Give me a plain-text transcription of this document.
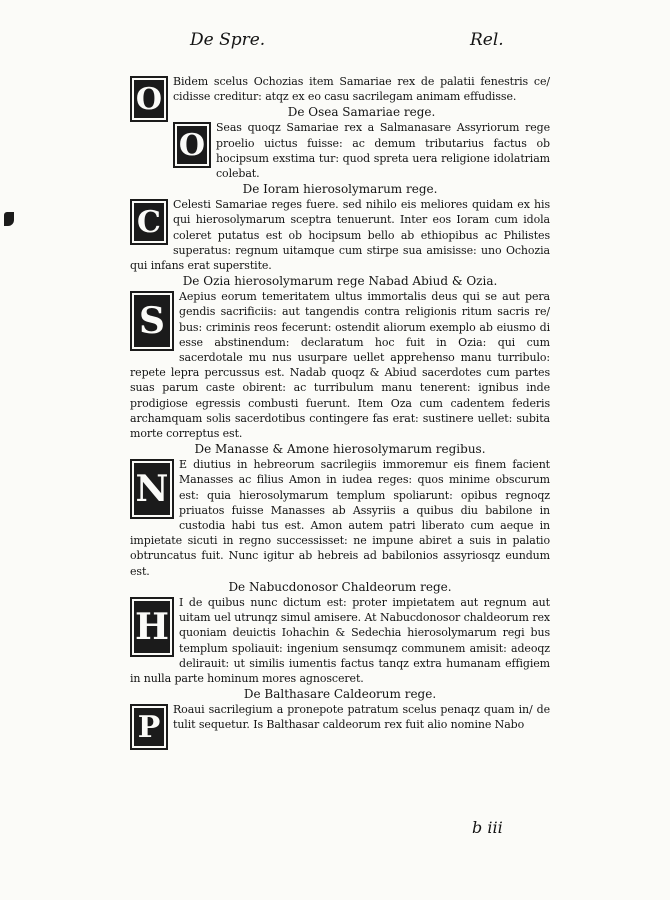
De Spre.	Rel.
O Bidem scelus Ochozias item Samariae rex de palatii fenestris ce/ cidisse creditur: atqz ex eo casu sacrilegam animam effudisse.

De Osea Samariae rege.
O Seas quoqz Samariae rex a Salmanasare Assyriorum rege proelio uictus fuisse: ac demum tributarius factus ob hocipsum exstima tur: quod spreta uera religione idolatriam colebat.

De Ioram hierosolymarum rege.
C	Celesti Samariae reges fuere. sed nihilo eis meliores quidam ex his qui hierosolymarum sceptra tenuerunt. Inter eos Ioram cum idola coleret putatus est ob hocipsum bello ab ethiopibus ac Philistes superatus: regnum uitamque cum stirpe sua amisisse: uno Ochozia qui infans erat superstite.

De Ozia hierosolymarum rege Nabad Abiud & Ozia.
S

Aepius eorum temeritatem ultus immortalis deus qui se aut pera gendis sacrificiis: aut tangendis contra religionis ritum sacris re/ bus: criminis reos fecerunt: ostendit aliorum exemplo ab eiusmo di esse abstinendum: declaratum hoc fuit in Ozia: qui cum sacerdotale mu nus usurpare uellet apprehenso manu turribulo: repete lepra percussus est. Nadab quoqz & Abiud sacerdotes cum partes suas parum caste obirent: ac turribulum manu tenerent: ignibus inde prodigiose egressis combusti fuerunt. Item Oza cum cadentem federis archamquam solis sacerdotibus contingere fas erat: sustinere uellet: subita morte correptus est.

De Manasse & Amone hierosolymarum regibus.
N

E diutius in hebreorum sacrilegiis immoremur eis finem facient Manasses ac filius Amon in iudea reges: quos minime obscurum est: quia hierosolymarum templum spoliarunt: opibus regnoqz priuatos fuisse Manasses ab Assyriis a quibus diu babilone in custodia habi tus est. Amon autem patri liberato cum aeque in impietate sicuti in regno successisset: ne impune abiret a suis in palatio obtruncatus fuit. Nunc igitur ab hebreis ad babilonios assyriosqz eundum est.

De Nabucdonosor Chaldeorum rege.
H

I de quibus nunc dictum est: proter impietatem aut regnum aut uitam uel utrunqz simul amisere. At Nabucdonosor chaldeorum rex quoniam deuictis Iohachin & Sedechia hierosolymarum regi bus templum spoliauit: ingenium sensumqz communem amisit: adeoqz delirauit: ut similis iumentis factus tanqz extra humanam effigiem in nulla parte hominum mores agnosceret.

De Balthasare Caldeorum rege.
P	Roaui sacrilegium a pronepote patratum scelus penaqz quam in/ de tulit sequetur. Is Balthasar caldeorum rex fuit alio nomine Nabo

b iii
